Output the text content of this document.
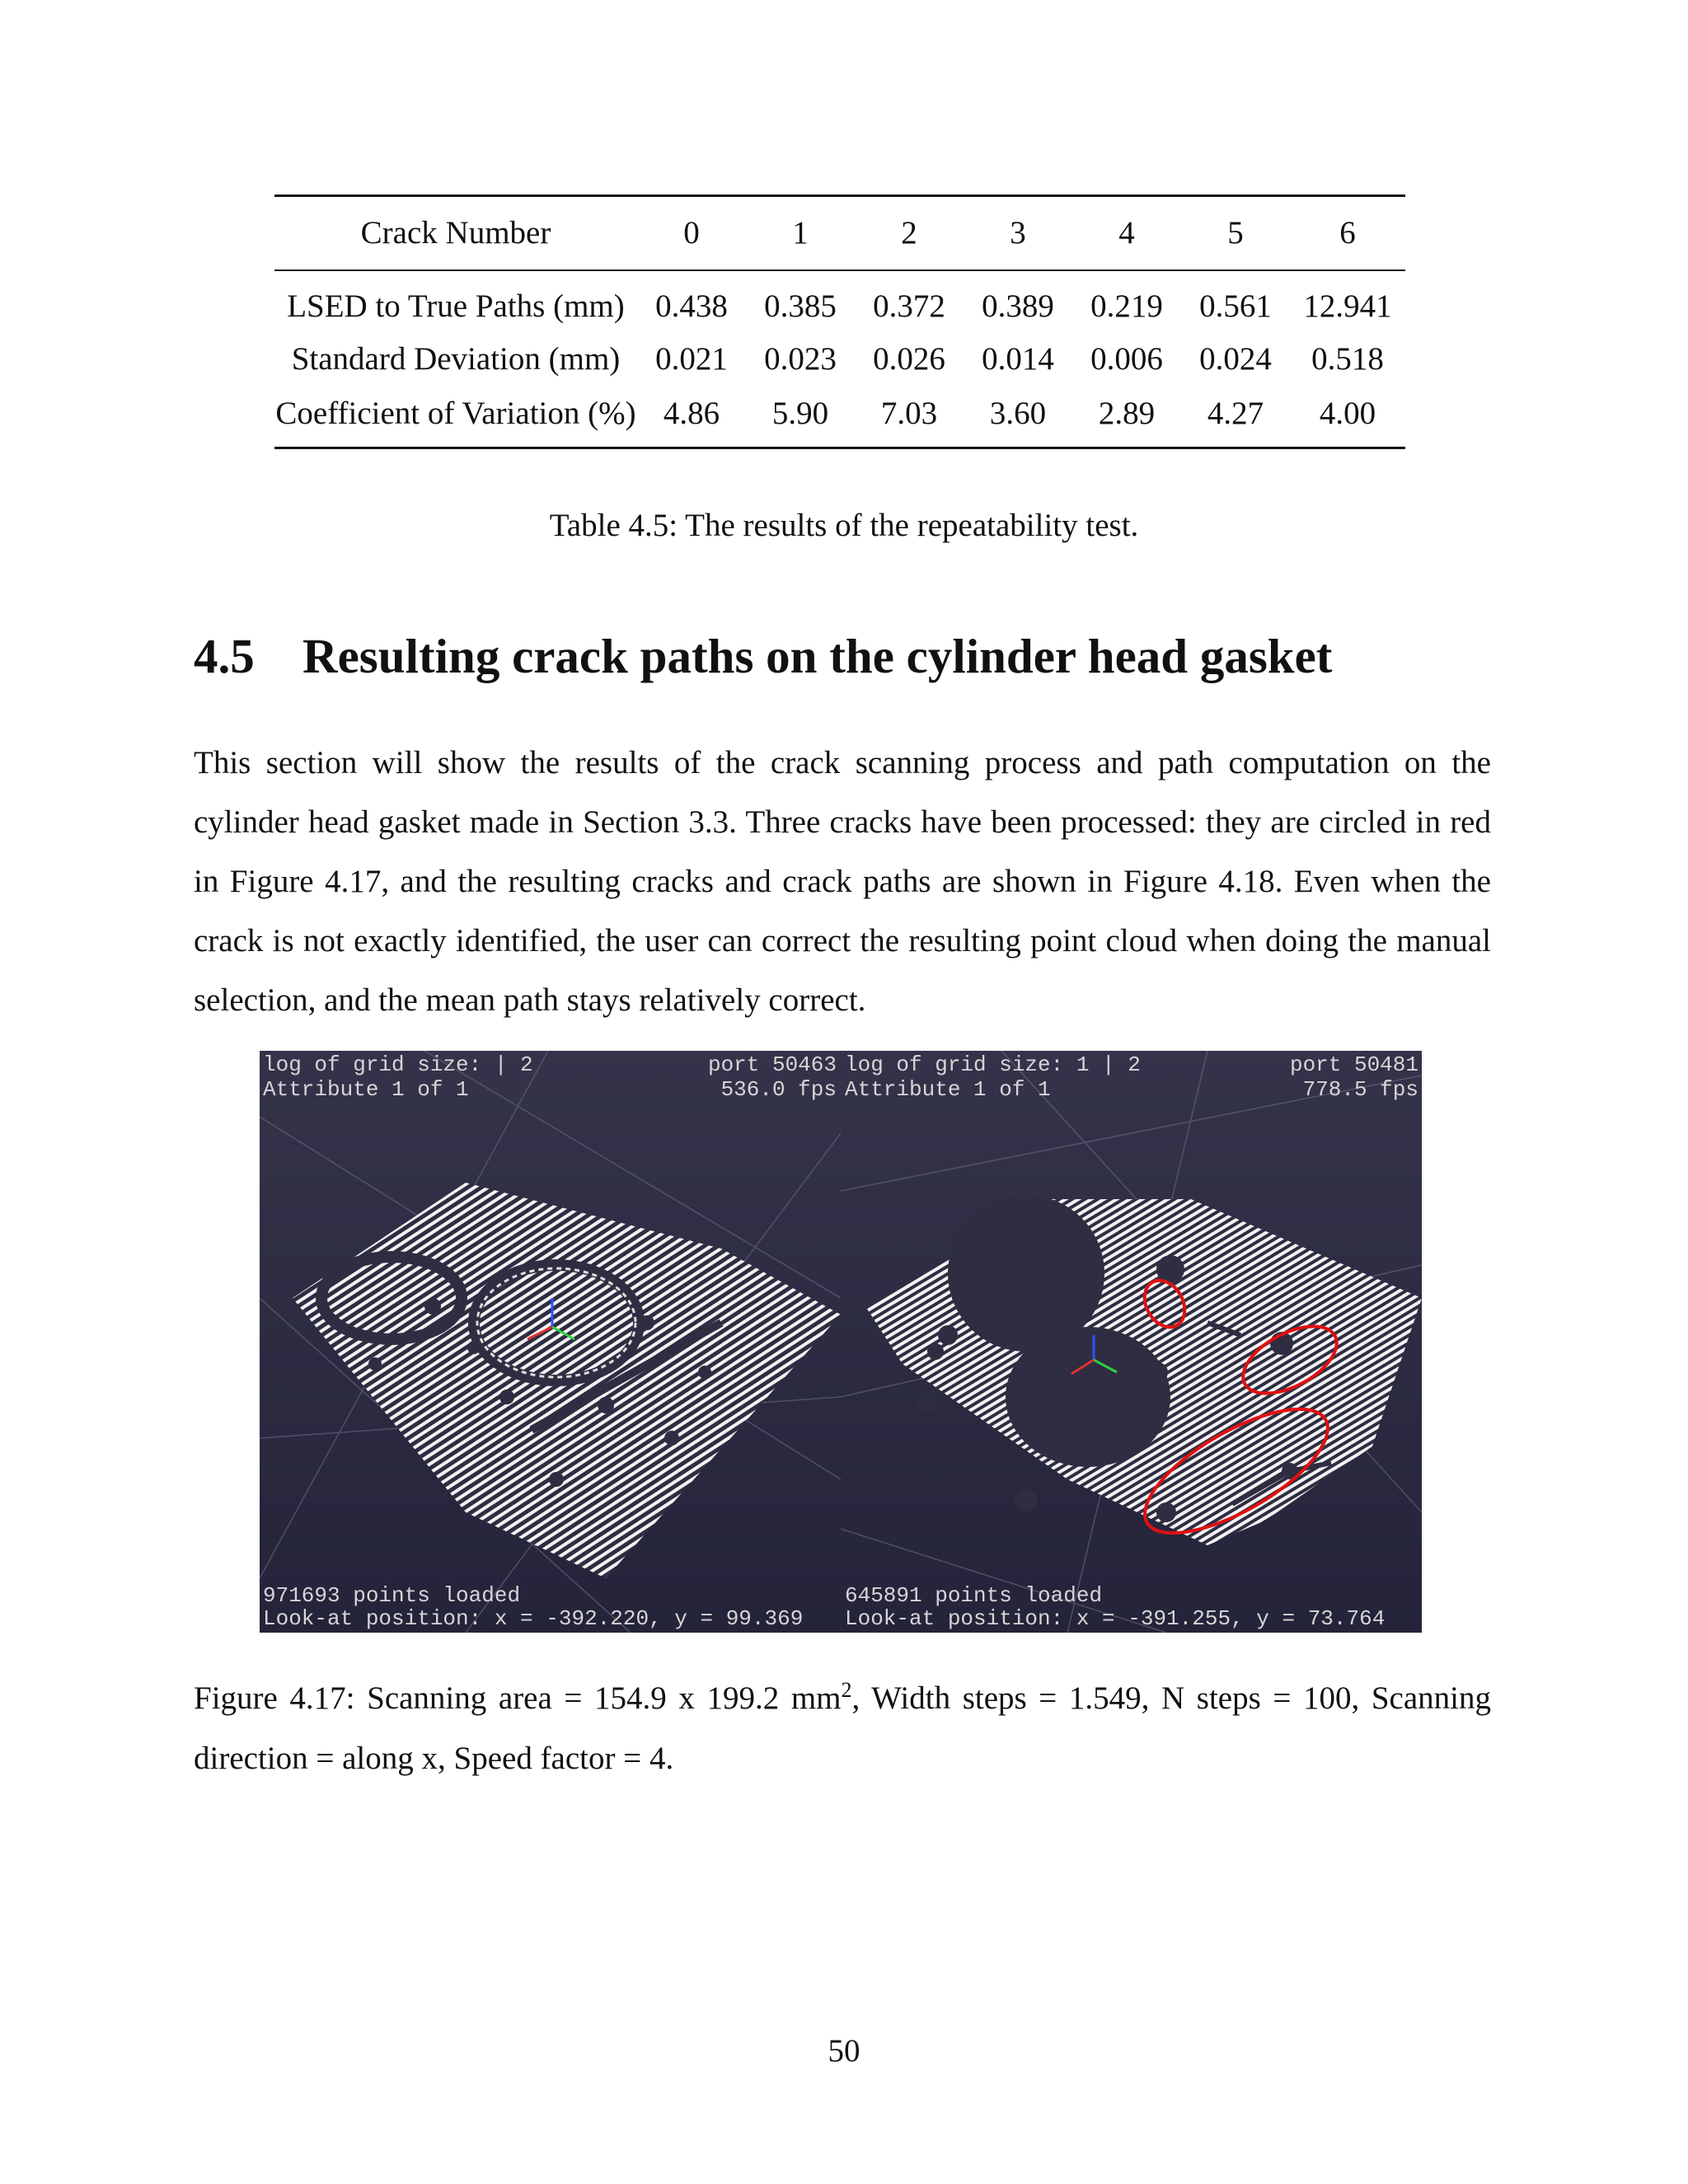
Crack Number	0	1	2	3	4	5	6
LSED to True Paths (mm)	0.438	0.385	0.372	0.389	0.219	0.561	12.941
Standard Deviation (mm)	0.021	0.023	0.026	0.014	0.006	0.024	0.518
Coefficient of Variation (%)	4.86	5.90	7.03	3.60	2.89	4.27	4.00
Table 4.5: The results of the repeatability test.
4.5 Resulting crack paths on the cylinder head gasket

This section will show the results of the crack scanning process and path computation on the cylinder head gasket made in Section 3.3. Three cracks have been processed: they are circled in red in Figure 4.17, and the resulting cracks and crack paths are shown in Figure 4.18. Even when the crack is not exactly identified, the user can correct the resulting point cloud when doing the manual selection, and the mean path stays relatively correct.

log of grid size: | 2	port 50463
Attribute 1 of 1	536.0 fps
971693 points loaded
Look-at position: x = -392.220, y = 99.369
log of grid size: 1 | 2	port 50481
Attribute 1 of 1	778.5 fps
645891 points loaded
Look-at position: x = -391.255, y = 73.764

Figure 4.17: Scanning area = 154.9 x 199.2 $mm^2$, Width steps = 1.549, N steps = 100, Scanning direction = along x, Speed factor = 4.

50
